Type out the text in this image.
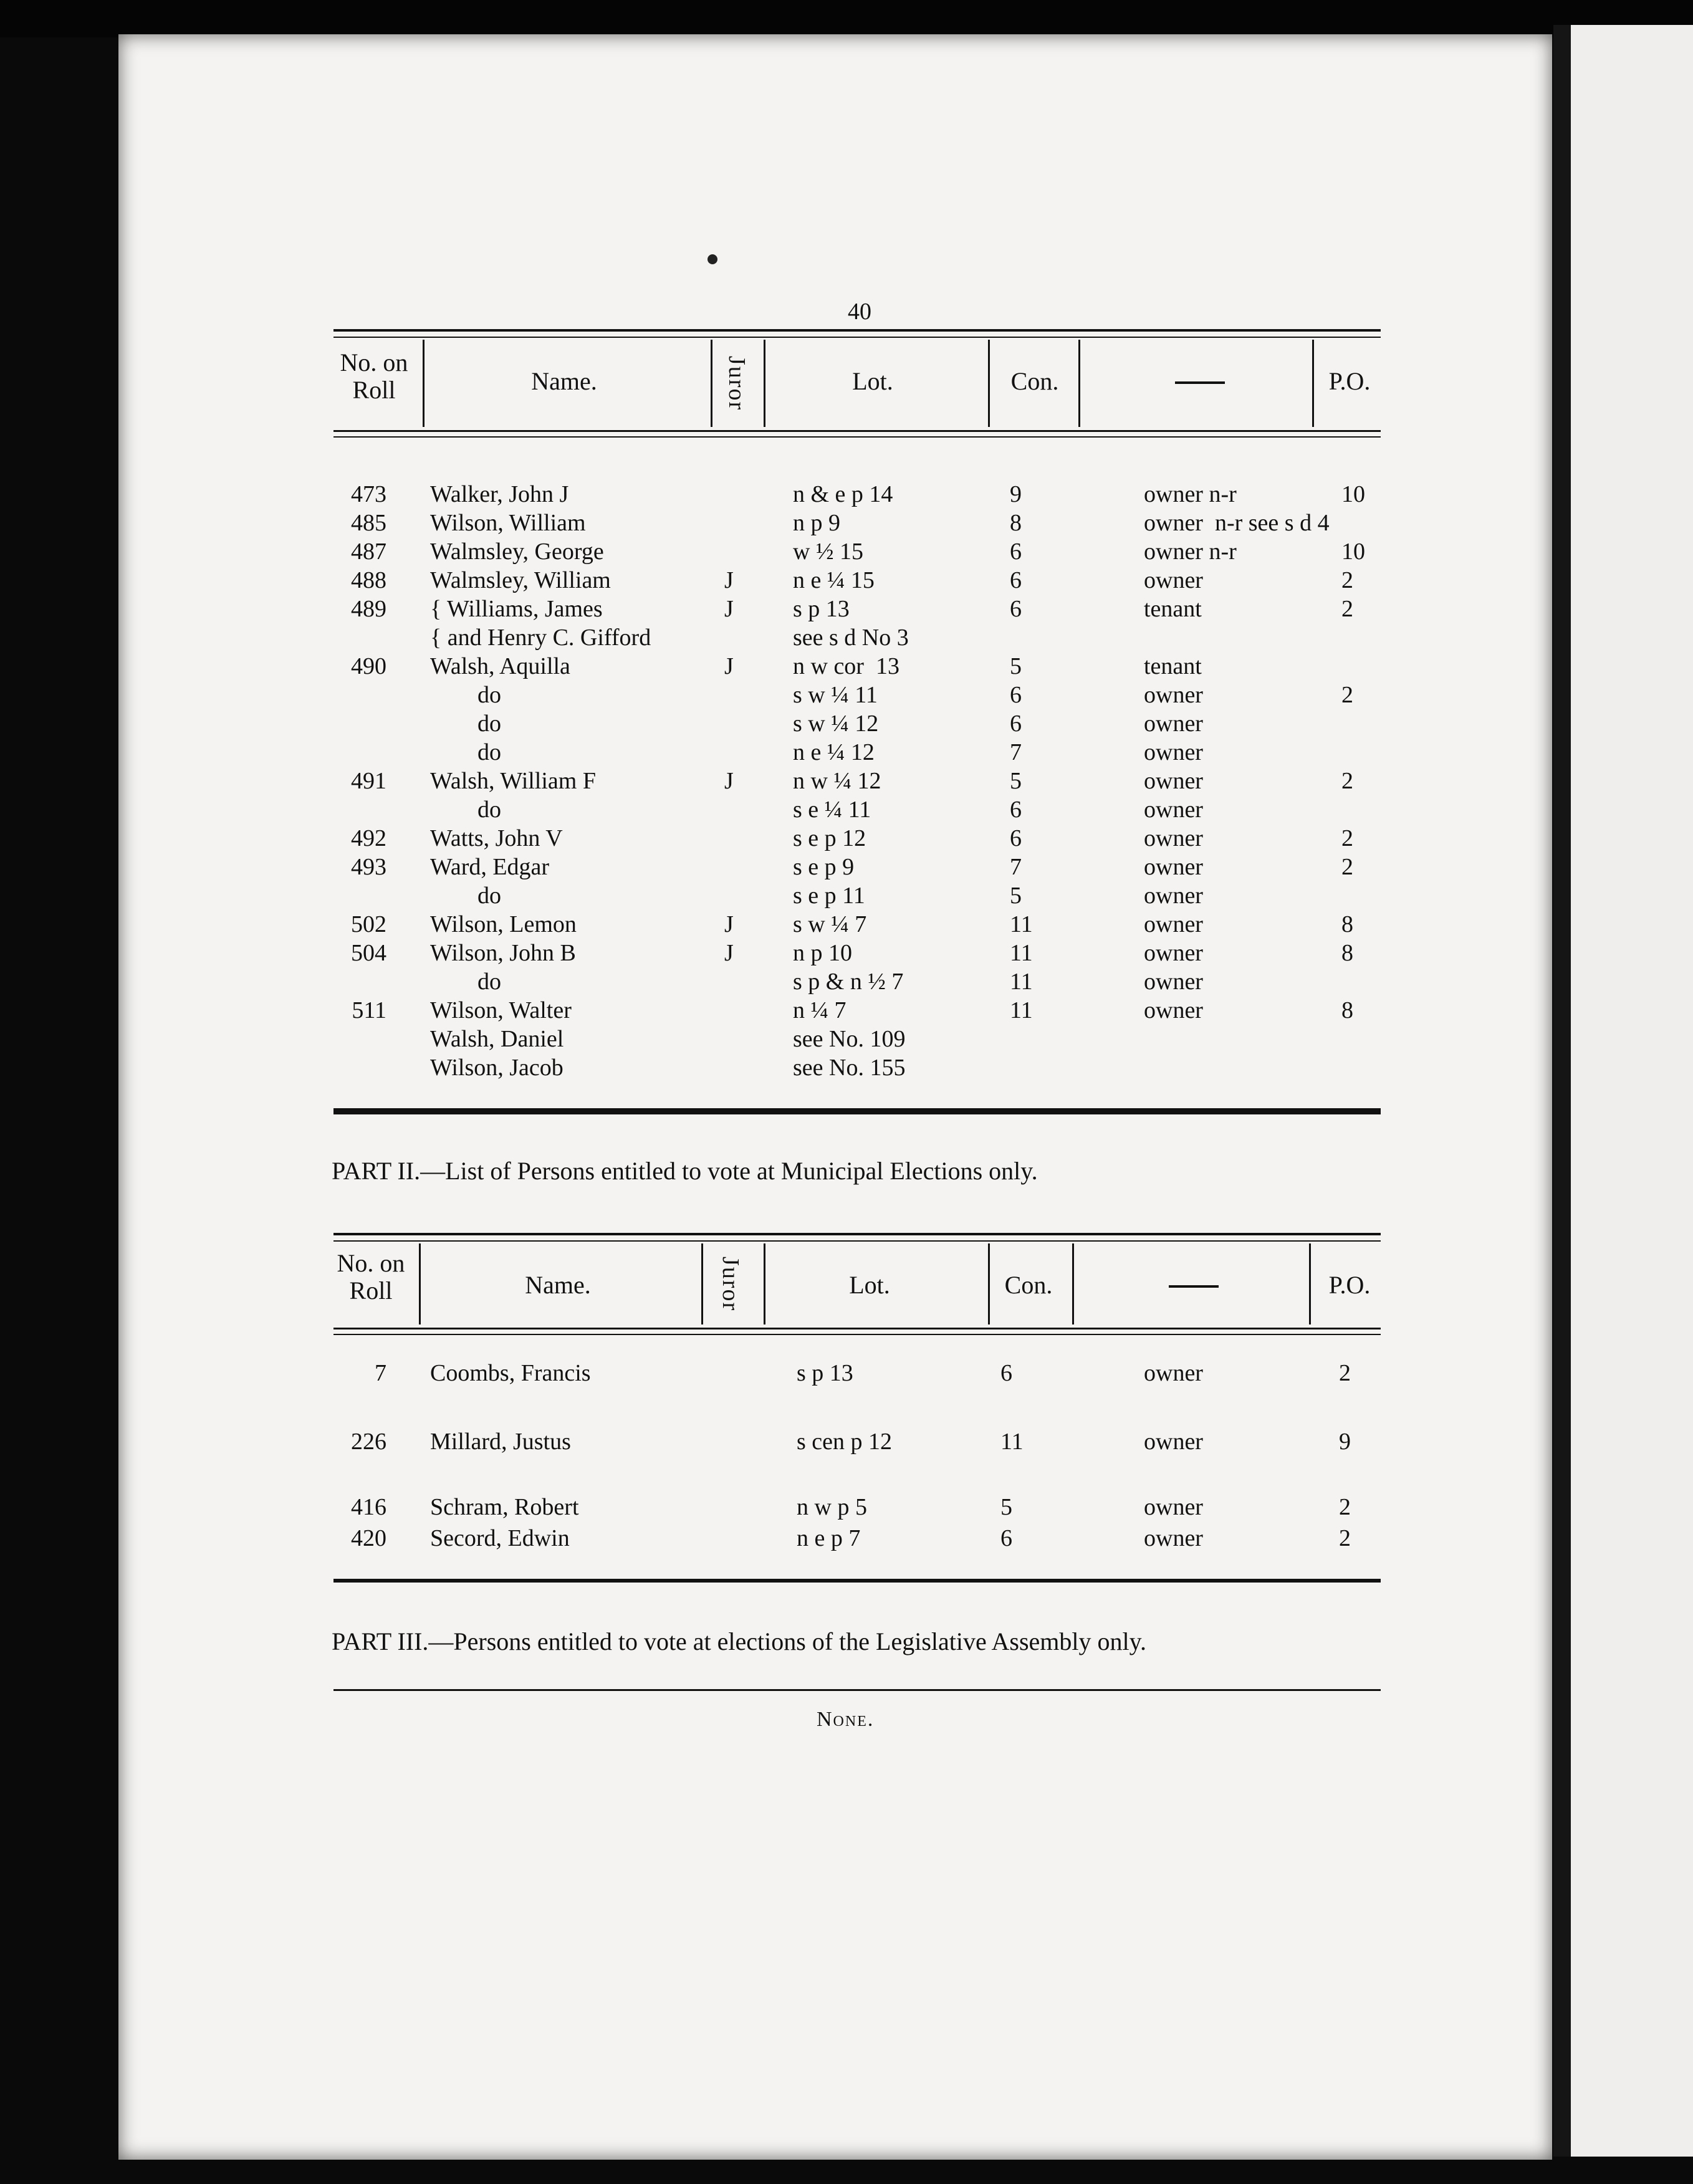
40
No. on
Roll	Name.	Juror	Lot.	Con.	P.O.
473 Walker, John J	n & e p 14	9	owner n-r	10
485 Wilson, William	n p 9	8	owner  n-r see s d 4
487 Walmsley, George	w ½ 15	6	owner n-r	10
488 Walmsley, William	J	n e ¼ 15	6	owner	2
489 { Williams, James	J	s p 13	6	tenant	2
{ and Henry C. Gifford	see s d No 3
490 Walsh, Aquilla	J	n w cor  13	5	tenant
do	s w ¼ 11	6	owner	2
do	s w ¼ 12	6	owner
do	n e ¼ 12	7	owner
491 Walsh, William F	J	n w ¼ 12	5	owner	2
do	s e ¼ 11	6	owner
492 Watts, John V	s e p 12	6	owner	2
493 Ward, Edgar	s e p 9	7	owner	2
do	s e p 11	5	owner
502 Wilson, Lemon	J	s w ¼ 7	11	owner	8
504 Wilson, John B	J	n p 10	11	owner	8
do	s p & n ½ 7	11	owner
511 Wilson, Walter	n ¼ 7	11	owner	8
Walsh, Daniel	see No. 109
Wilson, Jacob	see No. 155
PART II.—List of Persons entitled to vote at Municipal Elections only.
No. on
Roll	Name.	Juror	Lot.	Con.	P.O.
7 Coombs, Francis	s p 13	6	owner	2
226 Millard, Justus	s cen p 12	11	owner	9
416 Schram, Robert	n w p 5	5	owner	2
420 Secord, Edwin	n e p 7	6	owner	2
PART III.—Persons entitled to vote at elections of the Legislative Assembly only.
None.
